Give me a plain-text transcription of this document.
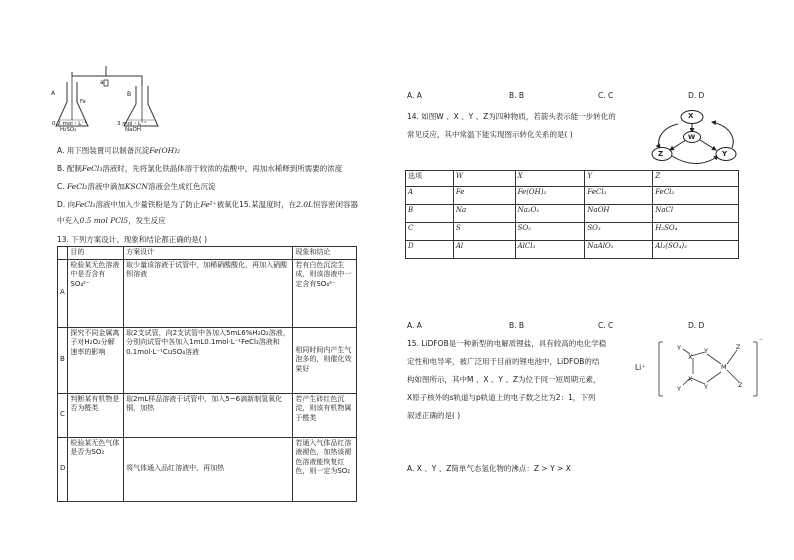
A
a
B
Fe
0.2 mol・L⁻¹
H₂SO₄
3 mol・L⁻¹
NaOH
A. 用下图装置可以制备沉淀Fe(OH)₂
B. 配制FeCl₃溶液时，先将氯化铁晶体溶于较浓的盐酸中，再加水稀释到所需要的浓度
C. FeCl₂溶液中滴加KSCN溶液会生成红色沉淀
D. 向FeCl₂溶液中加入少量铁粉是为了防止Fe²⁺被氧化15.某温度时，在2.0L恒容密闭容器
中充入0.5 mol PCl5，发生反应
13. 下列方案设计、现象和结论都正确的是( )
	目的	方案设计	现象和结论
A	检验某无色溶液中是否含有SO₄²⁻	取少量该溶液于试管中，加稀硝酸酸化，再加入硝酸钡溶液	若有白色沉淀生成，则该溶液中一定含有SO₄²⁻
B	探究不同金属离子对H₂O₂分解速率的影响	取2支试管，向2支试管中各加入5mL6%H₂O₂溶液，分别向试管中各加入1mL0.1mol·L⁻¹FeCl₃溶液和0.1mol·L⁻¹CuSO₄溶液	相同时间内产生气泡多的，则催化效果好
C	判断某有机物是否为醛类	取2mL样品溶液于试管中，加入5~6滴新制氢氧化铜，加热	若产生砖红色沉淀，则该有机物属于醛类
D	检验某无色气体是否为SO₂	将气体通入品红溶液中，再加热	若通入气体品红溶液褪色，加热该褪色溶液能恢复红色，则一定为SO₂
A. A	B. B	C. C	D. D
14. 如图W 、X 、Y 、Z为四种物质，若箭头表示能一步转化的
常见反应，其中常温下能实现图示转化关系的是( )
X
W
Z	Y
选项	W	X	Y	Z
A	Fe	Fe(OH)₂	FeCl₃	FeCl₂
B	Na	Na₂O₂	NaOH	NaCl
C	S	SO₂	SO₃	H₂SO₄
D	Al	AlCl₃	NaAlO₂	Al₂(SO₄)₃
A. A	B. B	C. C	D. D
15. LiDFOB是一种新型的电解质锂盐，具有较高的电化学稳
定性和电导率，被广泛用于目前的锂电池中，LiDFOB的结
构如图所示，其中M 、X 、Y 、Z为位于同一短周期元素，
X原子核外的s轨道与p轨道上的电子数之比为2：1，下列
叙述正确的是( )
Li⁺
⁻
X
X
Y
Y
Y
Y
M
Z
Z
A. X 、Y 、Z简单气态氢化物的沸点：Z > Y > X
